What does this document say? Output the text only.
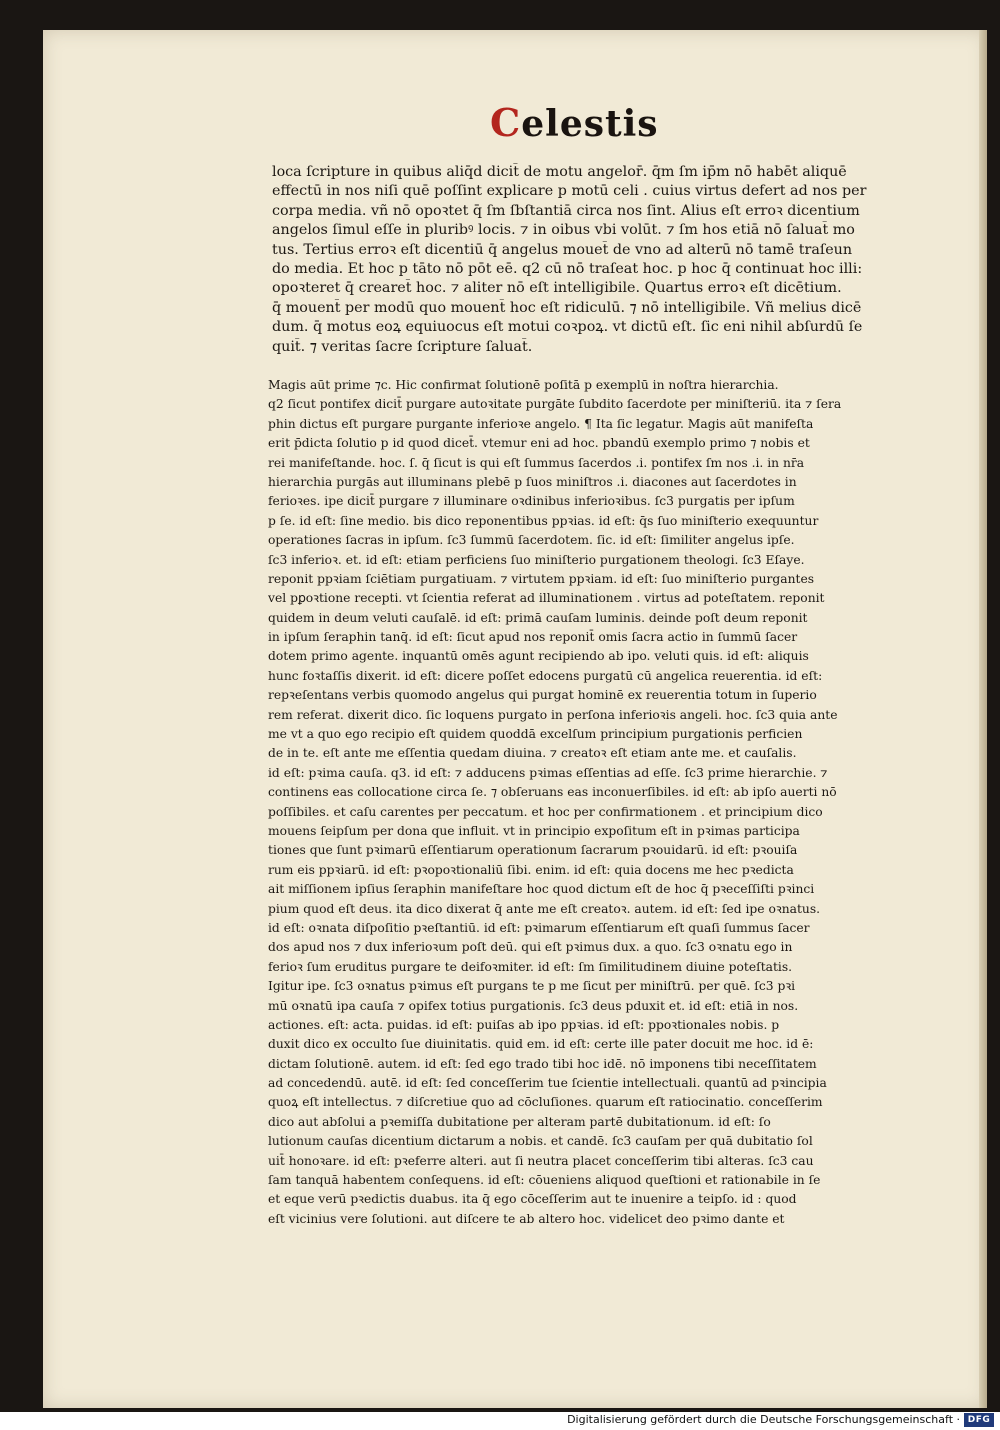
Celestis
loca ſcripture in quibus aliq̄d dicit̄ de motu angelor̄. q̄m ſm ip̄m nō habēt aliquē
effectū in nos niſi quē poſſint explicare p motū celi . cuius virtus defert ad nos per
corpa media. vñ nō opoꝛtet q̄ ſm ſbſtantiā circa nos ſint. Alius eſt erroꝛ dicentium
angelos ſimul eſſe in pluribꝰ locis. ⁊ in oibus vbi volūt. ⁊ ſm hos etiā nō ſaluat̄ mo
tus. Tertius erroꝛ eſt dicentiū q̄ angelus mouet̄ de vno ad alterū nō tamē traſeun
do media. Et hoc p tāto nō pōt eē. q2 cū nō traſeat hoc. p hoc q̄ continuat hoc illi:
opoꝛteret q̄ crearet̄ hoc. ⁊ aliter nō eſt intelligibile. Quartus erroꝛ eſt dicētium.
q̄ mouent̄ per modū quo mouent̄ hoc eſt ridiculū. ⁊ nō intelligibile. Vñ melius dicē
dum. q̄ motus eoꝝ equiuocus eſt motui coꝛpoꝝ. vt dictū eſt. ſic eni nihil abſurdū ſe
quit̄. ⁊ veritas ſacre ſcripture ſaluat̄.
Magis aūt prime ⁊c. Hic confirmat ſolutionē poſitā p exemplū in noſtra hierarchia.
q2 ſicut pontifex dicit̄ purgare autoꝛitate purgāte ſubdito ſacerdote per miniſteriū. ita ⁊ ſera
phin dictus eſt purgare purgante inferioꝛe angelo. ¶ Ita ſic legatur. Magis aūt manifeſta
erit p̄dicta ſolutio p id quod dicet̄. vtemur eni ad hoc. pbandū exemplo primo ⁊ nobis et
rei manifeſtande. hoc. ſ. q̄ ſicut is qui eſt ſummus ſacerdos .i. pontifex ſm nos .i. in nr̄a
hierarchia purgās aut illuminans plebē p ſuos miniſtros .i. diacones aut ſacerdotes in
ferioꝛes. ipe dicit̄ purgare ⁊ illuminare oꝛdinibus inferioꝛibus. ſc3 purgatis per ipſum
p ſe. id eſt: ſine medio. bis dico reponentibus ppꝛias. id eſt: q̄s ſuo miniſterio exequuntur
operationes ſacras in ipſum. ſc3 ſummū ſacerdotem. ſic. id eſt: ſimiliter angelus ipſe.
ſc3 inferioꝛ. et. id eſt: etiam perficiens ſuo miniſterio purgationem theologi. ſc3 Eſaye.
reponit ppꝛiam ſciētiam purgatiuam. ⁊ virtutem ppꝛiam. id eſt: ſuo miniſterio purgantes
vel pꝑoꝛtione recepti. vt ſcientia referat ad illuminationem . virtus ad poteſtatem. reponit
quidem in deum veluti cauſalē. id eſt: primā cauſam luminis. deinde poſt deum reponit
in ipſum ſeraphin tanq̄. id eſt: ſicut apud nos reponit̄ omis ſacra actio in ſummū ſacer
dotem primo agente. inquantū omēs agunt recipiendo ab ipo. veluti quis. id eſt: aliquis
hunc foꝛtaſſis dixerit. id eſt: dicere poſſet edocens purgatū cū angelica reuerentia. id eſt:
repꝛeſentans verbis quomodo angelus qui purgat hominē ex reuerentia totum in ſuperio
rem referat. dixerit dico. ſic loquens purgato in perſona inferioꝛis angeli. hoc. ſc3 quia ante
me vt a quo ego recipio eſt quidem quoddā excelſum principium purgationis perficien
de in te. eſt ante me eſſentia quedam diuina. ⁊ creatoꝛ eſt etiam ante me. et cauſalis.
id eſt: pꝛima cauſa. q3. id eſt: ⁊ adducens pꝛimas eſſentias ad eſſe. ſc3 prime hierarchie. ⁊
continens eas collocatione circa ſe. ⁊ obſeruans eas inconuerſibiles. id eſt: ab ipſo auerti nō
poſſibiles. et caſu carentes per peccatum. et hoc per confirmationem . et principium dico
mouens ſeipſum per dona que influit. vt in principio expoſitum eſt in pꝛimas participa
tiones que ſunt pꝛimarū eſſentiarum operationum ſacrarum pꝛouidarū. id eſt: pꝛouiſa
rum eis ppꝛiarū. id eſt: pꝛopoꝛtionaliū ſibi. enim. id eſt: quia docens me hec pꝛedicta
ait miſſionem ipſius ſeraphin manifeſtare hoc quod dictum eſt de hoc q̄ pꝛeceſſiſti pꝛinci
pium quod eſt deus. ita dico dixerat q̄ ante me eſt creatoꝛ. autem. id eſt: ſed ipe oꝛnatus.
id eſt: oꝛnata diſpoſitio pꝛeſtantiū. id eſt: pꝛimarum eſſentiarum eſt quaſi ſummus ſacer
dos apud nos ⁊ dux inferioꝛum poſt deū. qui eſt pꝛimus dux. a quo. ſc3 oꝛnatu ego in
ferioꝛ ſum eruditus purgare te deifoꝛmiter. id eſt: ſm ſimilitudinem diuine poteſtatis.
Igitur ipe. ſc3 oꝛnatus pꝛimus eſt purgans te p me ſicut per miniſtrū. per quē. ſc3 pꝛi
mū oꝛnatū ipa cauſa ⁊ opifex totius purgationis. ſc3 deus pduxit et. id eſt: etiā in nos.
actiones. eſt: acta. puidas. id eſt: puiſas ab ipo ppꝛias. id eſt: ppoꝛtionales nobis. p
duxit dico ex occulto ſue diuinitatis. quid em. id eſt: certe ille pater docuit me hoc. id ē:
dictam ſolutionē. autem. id eſt: ſed ego trado tibi hoc idē. nō imponens tibi neceſſitatem
ad concedendū. autē. id eſt: ſed conceſſerim tue ſcientie intellectuali. quantū ad pꝛincipia
quoꝝ eſt intellectus. ⁊ diſcretiue quo ad cōcluſiones. quarum eſt ratiocinatio. conceſſerim
dico aut abſolui a pꝛemiſſa dubitatione per alteram partē dubitationum. id eſt: ſo
lutionum cauſas dicentium dictarum a nobis. et candē. ſc3 cauſam per quā dubitatio ſol
uit̄ honoꝛare. id eſt: pꝛeferre alteri. aut ſi neutra placet conceſſerim tibi alteras. ſc3 cau
ſam tanquā habentem conſequens. id eſt: cōueniens aliquod queſtioni et rationabile in ſe
et eque verū pꝛedictis duabus. ita q̄ ego cōceſſerim aut te inuenire a teipſo. id : quod
eſt vicinius vere ſolutioni. aut diſcere te ab altero hoc. videlicet deo pꝛimo dante et
Digitalisierung gefördert durch die Deutsche Forschungsgemeinschaft · DFG
